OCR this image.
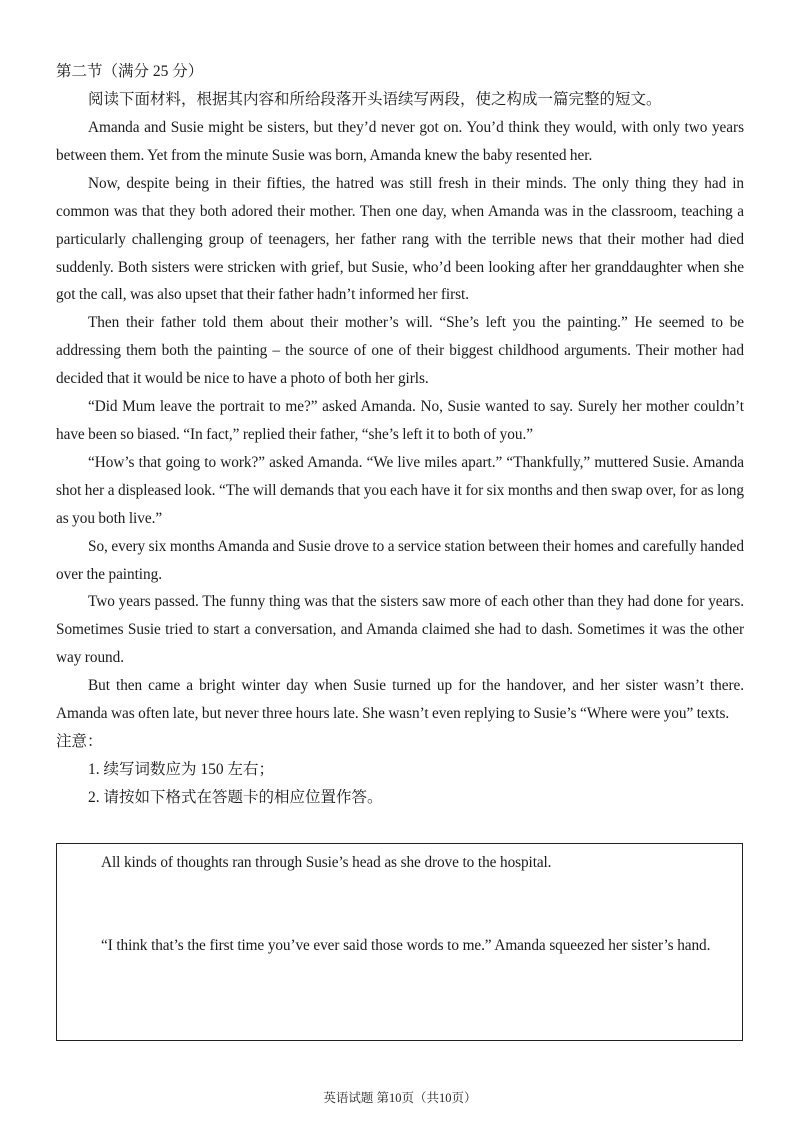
第二节（满分 25 分）

阅读下面材料，根据其内容和所给段落开头语续写两段，使之构成一篇完整的短文。

Amanda and Susie might be sisters, but they’d never got on. You’d think they would, with only two years between them. Yet from the minute Susie was born, Amanda knew the baby resented her.

Now, despite being in their fifties, the hatred was still fresh in their minds. The only thing they had in common was that they both adored their mother. Then one day, when Amanda was in the classroom, teaching a particularly challenging group of teenagers, her father rang with the terrible news that their mother had died suddenly. Both sisters were stricken with grief, but Susie, who’d been looking after her granddaughter when she got the call, was also upset that their father hadn’t informed her first.

Then their father told them about their mother’s will. “She’s left you the painting.” He seemed to be addressing them both the painting – the source of one of their biggest childhood arguments. Their mother had decided that it would be nice to have a photo of both her girls.

“Did Mum leave the portrait to me?” asked Amanda. No, Susie wanted to say. Surely her mother couldn’t have been so biased. “In fact,” replied their father, “she’s left it to both of you.”

“How’s that going to work?” asked Amanda. “We live miles apart.” “Thankfully,” muttered Susie. Amanda shot her a displeased look. “The will demands that you each have it for six months and then swap over, for as long as you both live.”

So, every six months Amanda and Susie drove to a service station between their homes and carefully handed over the painting.

Two years passed. The funny thing was that the sisters saw more of each other than they had done for years. Sometimes Susie tried to start a conversation, and Amanda claimed she had to dash. Sometimes it was the other way round.

But then came a bright winter day when Susie turned up for the handover, and her sister wasn’t there. Amanda was often late, but never three hours late. She wasn’t even replying to Susie’s “Where were you” texts.

注意：

1. 续写词数应为 150 左右；

2. 请按如下格式在答题卡的相应位置作答。

All kinds of thoughts ran through Susie’s head as she drove to the hospital.

“I think that’s the first time you’ve ever said those words to me.” Amanda squeezed her sister’s hand.

英语试题 第10页（共10页）
